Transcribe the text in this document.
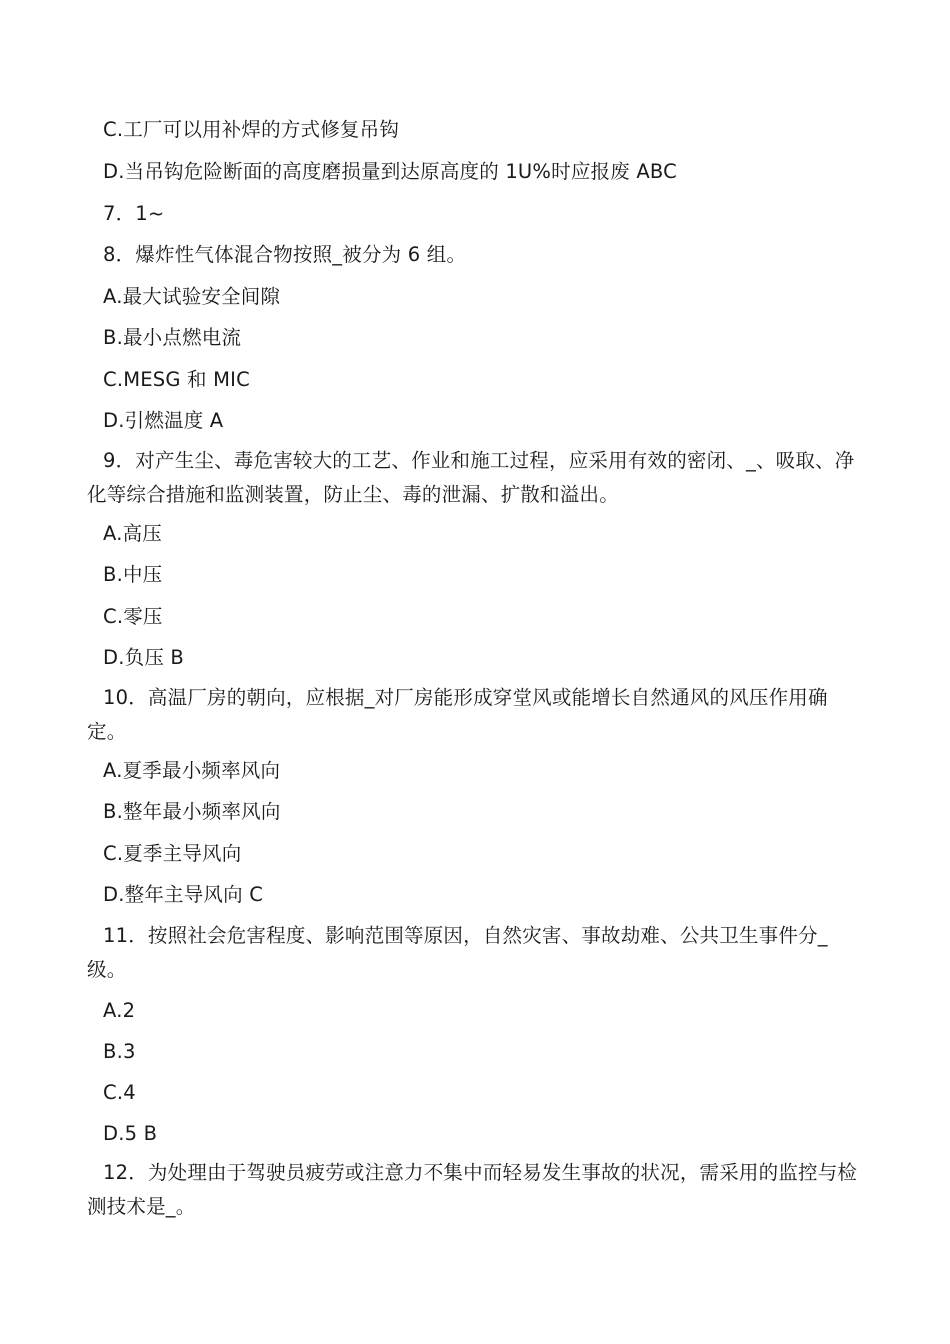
C.工厂可以用补焊的方式修复吊钩
D.当吊钩危险断面的高度磨损量到达原高度的 1U%时应报废 ABC
7．1~
8．爆炸性气体混合物按照_被分为 6 组。
A.最大试验安全间隙
B.最小点燃电流
C.MESG 和 MIC
D.引燃温度 A
9．对产生尘、毒危害较大的工艺、作业和施工过程，应采用有效的密闭、_、吸取、净化等综合措施和监测装置，防止尘、毒的泄漏、扩散和溢出。
A.高压
B.中压
C.零压
D.负压 B
10．高温厂房的朝向，应根据_对厂房能形成穿堂风或能增长自然通风的风压作用确定。
A.夏季最小频率风向
B.整年最小频率风向
C.夏季主导风向
D.整年主导风向 C
11．按照社会危害程度、影响范围等原因，自然灾害、事故劫难、公共卫生事件分_级。
A.2
B.3
C.4
D.5 B
12．为处理由于驾驶员疲劳或注意力不集中而轻易发生事故的状况，需采用的监控与检测技术是_。
